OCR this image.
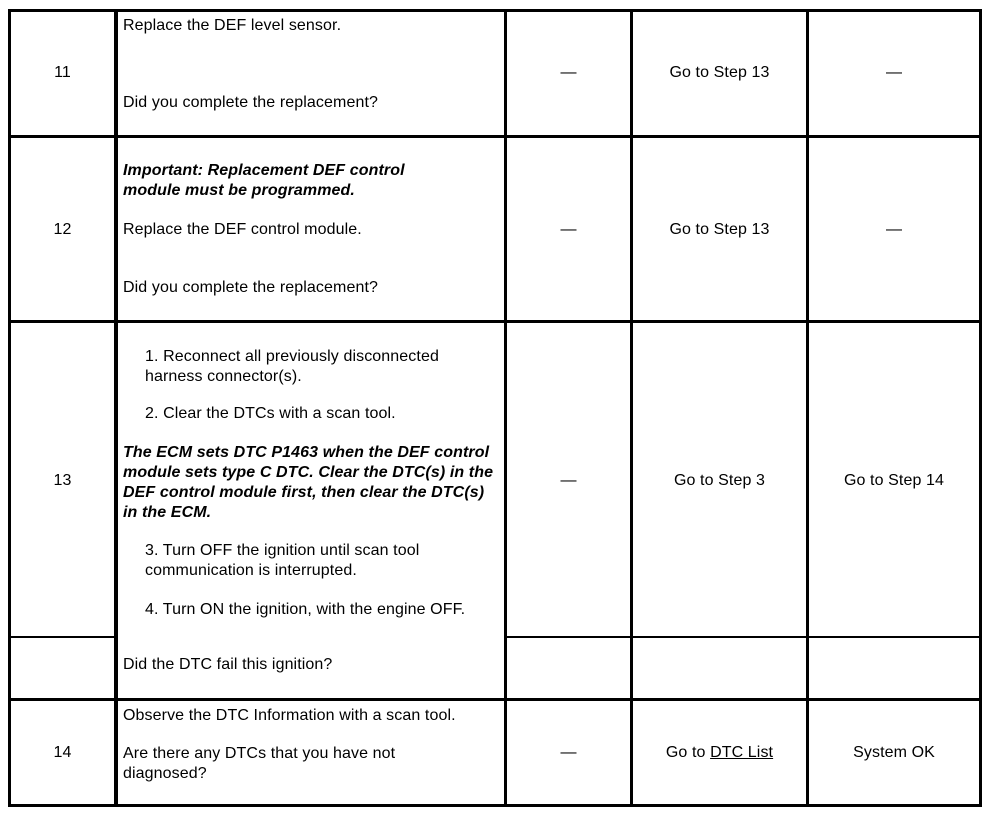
11
Replace the DEF level sensor.
Did you complete the replacement?
—	Go to Step 13	—
12
Important: Replacement DEF control module must be programmed.
Replace the DEF control module.
Did you complete the replacement?
—	Go to Step 13	—
13
1. Reconnect all previously disconnected harness connector(s).
2. Clear the DTCs with a scan tool.
The ECM sets DTC P1463 when the DEF control module sets type C DTC. Clear the DTC(s) in the DEF control module first, then clear the DTC(s) in the ECM.
3. Turn OFF the ignition until scan tool communication is interrupted.
4. Turn ON the ignition, with the engine OFF.
Did the DTC fail this ignition?
—	Go to Step 3	Go to Step 14
14
Observe the DTC Information with a scan tool.
Are there any DTCs that you have not diagnosed?
—	Go to DTC List	System OK
